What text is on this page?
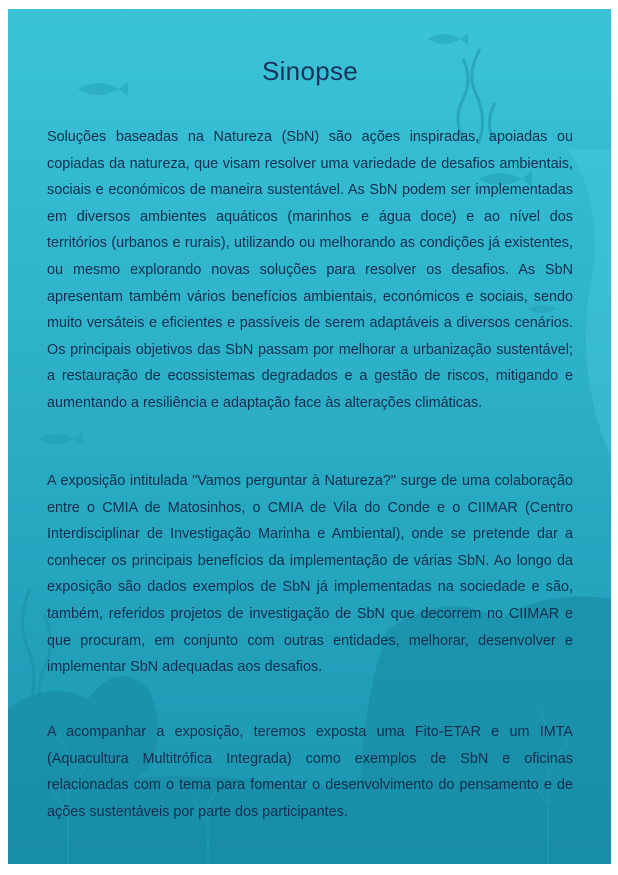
Sinopse

Soluções baseadas na Natureza (SbN) são ações inspiradas, apoiadas ou copiadas da natureza, que visam resolver uma variedade de desafios ambientais, sociais e económicos de maneira sustentável. As SbN podem ser implementadas em diversos ambientes aquáticos (marinhos e água doce) e ao nível dos territórios (urbanos e rurais), utilizando ou melhorando as condições já existentes, ou mesmo explorando novas soluções para resolver os desafios. As SbN apresentam também vários benefícios ambientais, económicos e sociais, sendo muito versáteis e eficientes e passíveis de serem adaptáveis a diversos cenários. Os principais objetivos das SbN passam por melhorar a urbanização sustentável; a restauração de ecossistemas degradados e a gestão de riscos, mitigando e aumentando a resiliência e adaptação face às alterações climáticas.

A exposição intitulada "Vamos perguntar à Natureza?" surge de uma colaboração entre o CMIA de Matosinhos, o CMIA de Vila do Conde e o CIIMAR (Centro Interdisciplinar de Investigação Marinha e Ambiental), onde se pretende dar a conhecer os principais benefícios da implementação de várias SbN. Ao longo da exposição são dados exemplos de SbN já implementadas na sociedade e são, também, referidos projetos de investigação de SbN que decorrem no CIIMAR e que procuram, em conjunto com outras entidades, melhorar, desenvolver e implementar SbN adequadas aos desafios.

A acompanhar a exposição, teremos exposta uma Fito-ETAR e um IMTA (Aquacultura Multitrófica Integrada) como exemplos de SbN e oficinas relacionadas com o tema para fomentar o desenvolvimento do pensamento e de ações sustentáveis por parte dos participantes.
